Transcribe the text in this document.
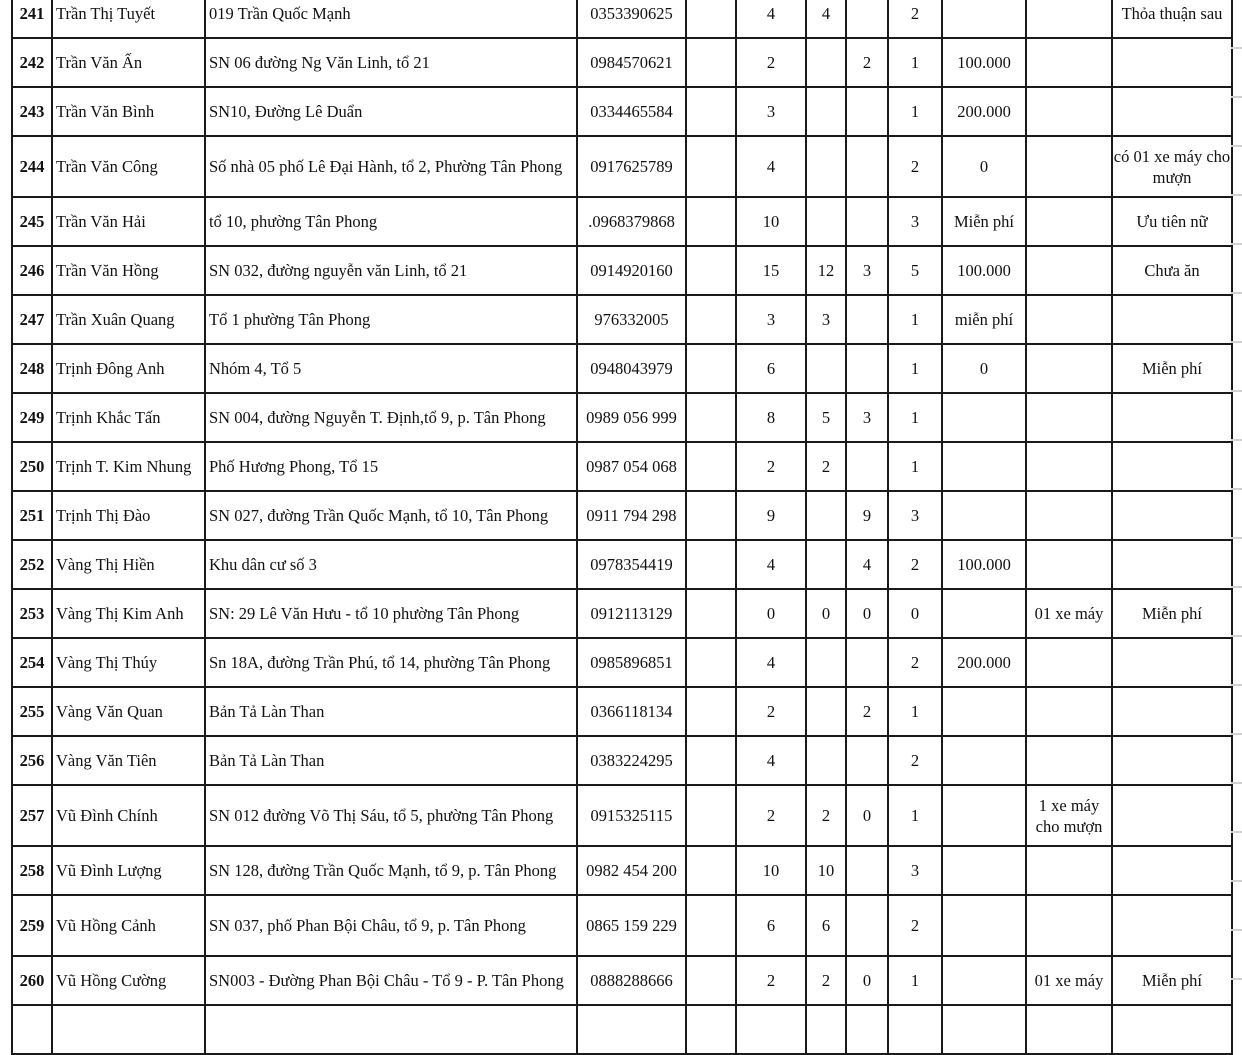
241	Trần Thị Tuyết	019 Trần Quốc Mạnh	0353390625		4	4		2			Thỏa thuận sau
242	Trần Văn Ấn	SN 06 đường Ng Văn Linh, tổ 21	0984570621		2		2	1	100.000		
243	Trần Văn Bình	SN10, Đường Lê Duẩn	0334465584		3			1	200.000		
244	Trần Văn Công	Số nhà 05 phố Lê Đại Hành, tổ 2, Phường Tân Phong	0917625789		4			2	0		có 01 xe máy cho mượn
245	Trần Văn Hải	tổ 10, phường Tân Phong	.0968379868		10			3	Miễn phí		Ưu tiên nữ
246	Trần Văn Hồng	SN 032, đường nguyễn văn Linh, tổ 21	0914920160		15	12	3	5	100.000		Chưa ăn
247	Trần Xuân Quang	Tổ 1 phường Tân Phong	976332005		3	3		1	miễn phí		
248	Trịnh Đông Anh	Nhóm 4, Tổ 5	0948043979		6			1	0		Miễn phí
249	Trịnh Khắc Tấn	SN 004, đường Nguyễn T. Định,tổ 9, p. Tân Phong	0989 056 999		8	5	3	1			
250	Trịnh T. Kim Nhung	Phố Hương Phong, Tổ 15	0987 054 068		2	2		1			
251	Trịnh Thị Đào	SN 027, đường Trần Quốc Mạnh, tổ 10, Tân Phong	0911 794 298		9		9	3			
252	Vàng Thị Hiền	Khu dân cư số 3	0978354419		4		4	2	100.000		
253	Vàng Thị Kim Anh	SN: 29 Lê Văn Hưu - tổ 10 phường Tân Phong	0912113129		0	0	0	0		01 xe máy	Miễn phí
254	Vàng Thị Thúy	Sn 18A, đường Trần Phú, tổ 14, phường Tân Phong	0985896851		4			2	200.000		
255	Vàng Văn Quan	Bản Tả Làn Than	0366118134		2		2	1			
256	Vàng Văn Tiên	Bản Tả Làn Than	0383224295		4			2			
257	Vũ Đình Chính	SN 012 đường Võ Thị Sáu, tổ 5, phường Tân Phong	0915325115		2	2	0	1		1 xe máy cho mượn	
258	Vũ Đình Lượng	SN 128, đường Trần Quốc Mạnh, tổ 9, p. Tân Phong	0982 454 200		10	10		3			
259	Vũ Hồng Cảnh	SN 037, phố Phan Bội Châu, tổ 9, p. Tân Phong	0865 159 229		6	6		2			
260	Vũ Hồng Cường	SN003 - Đường Phan Bội Châu - Tổ 9 - P. Tân Phong	0888288666		2	2	0	1		01 xe máy	Miễn phí
